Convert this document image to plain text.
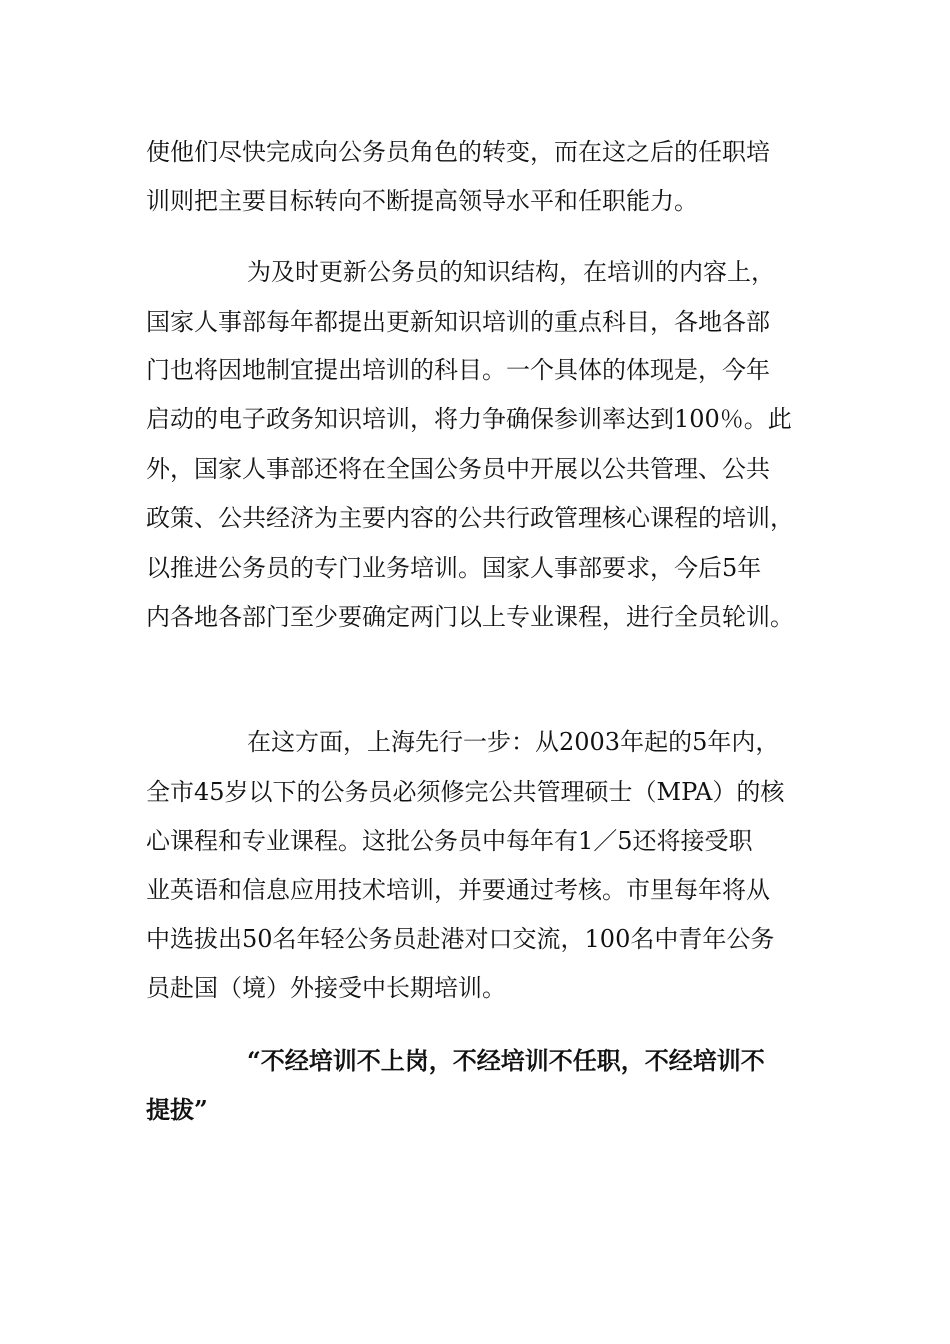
使他们尽快完成向公务员角色的转变，而在这之后的任职培

训则把主要目标转向不断提高领导水平和任职能力。

为及时更新公务员的知识结构，在培训的内容上，

国家人事部每年都提出更新知识培训的重点科目，各地各部

门也将因地制宜提出培训的科目。一个具体的体现是，今年

启动的电子政务知识培训，将力争确保参训率达到100％。此

外，国家人事部还将在全国公务员中开展以公共管理、公共

政策、公共经济为主要内容的公共行政管理核心课程的培训，

以推进公务员的专门业务培训。国家人事部要求，今后5年

内各地各部门至少要确定两门以上专业课程，进行全员轮训。

在这方面，上海先行一步：从2003年起的5年内，

全市45岁以下的公务员必须修完公共管理硕士（MPA）的核

心课程和专业课程。这批公务员中每年有1／5还将接受职

业英语和信息应用技术培训，并要通过考核。市里每年将从

中选拔出50名年轻公务员赴港对口交流，100名中青年公务

员赴国（境）外接受中长期培训。

“不经培训不上岗，不经培训不任职，不经培训不

提拔”
